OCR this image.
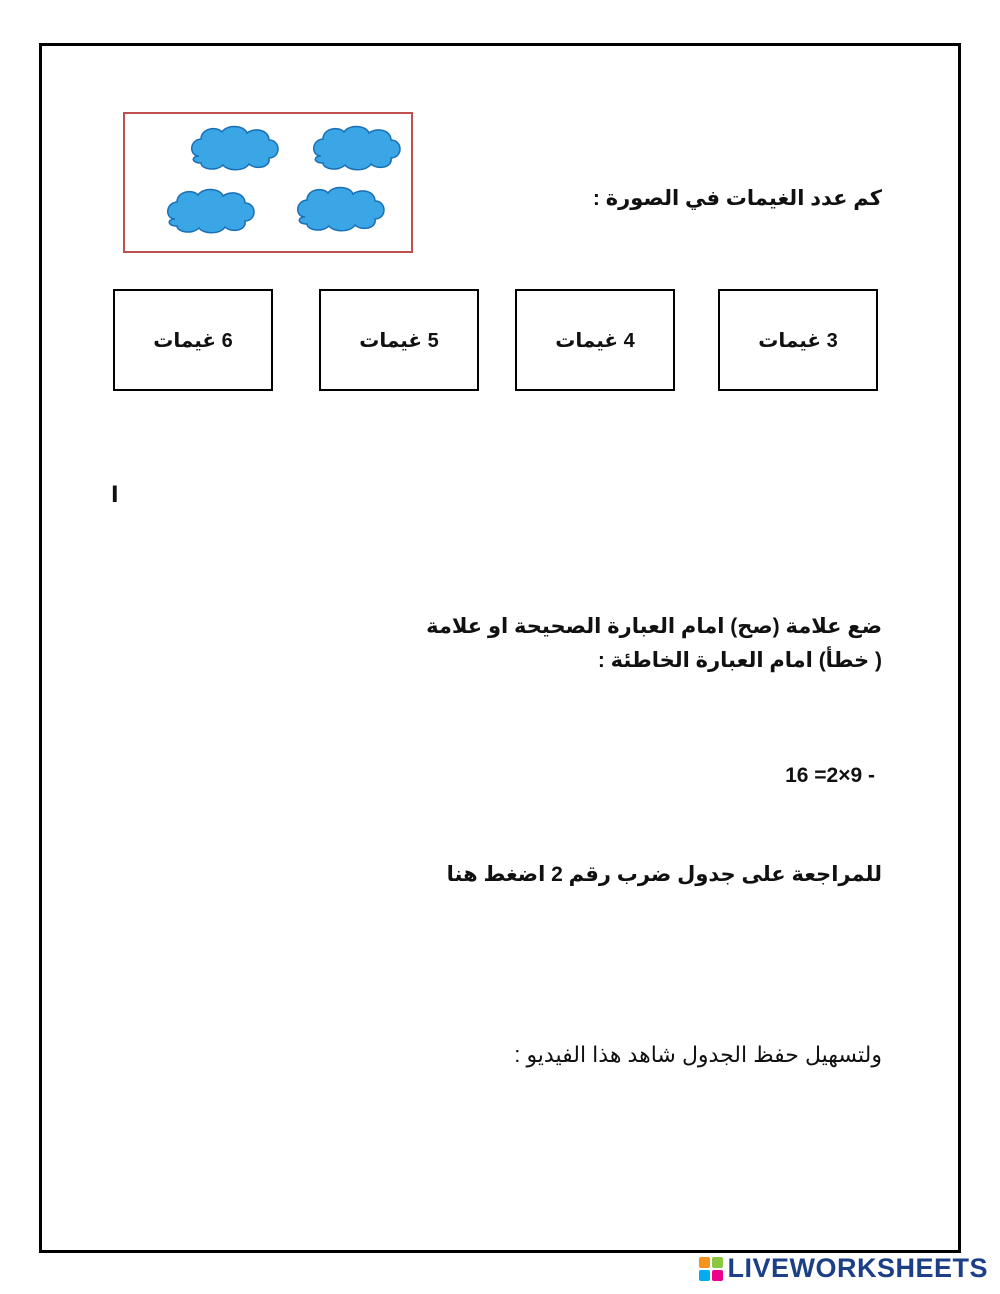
كم عدد الغيمات في الصورة :
3 غيمات
4 غيمات
5 غيمات
6 غيمات
ا
ضع علامة (صح) امام العبارة الصحيحة او علامة
( خطأ) امام العبارة الخاطئة :
16 =2×9 -
للمراجعة على جدول ضرب رقم 2 اضغط هنا
ولتسهيل حفظ الجدول شاهد هذا الفيديو :
LIVEWORKSHEETS
